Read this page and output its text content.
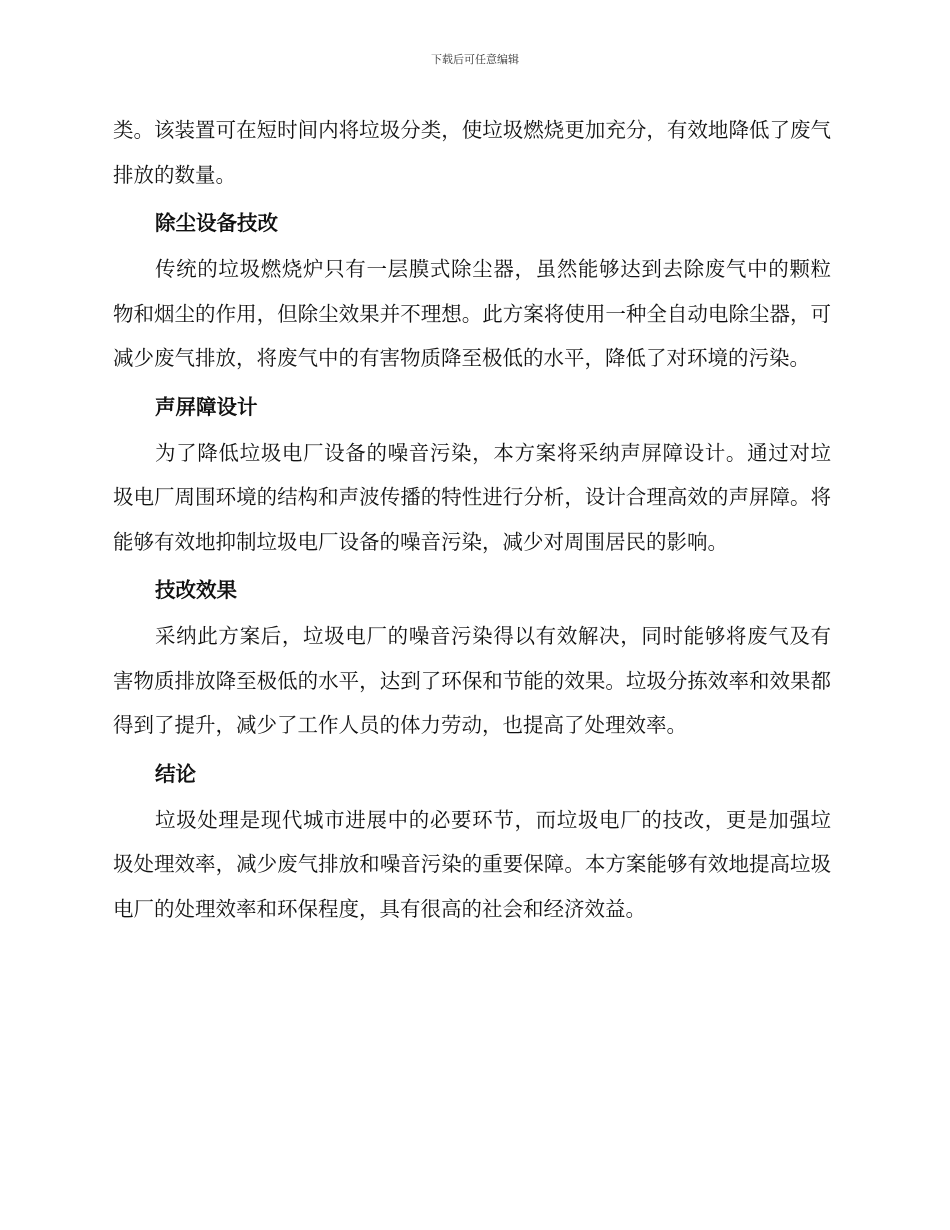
下载后可任意编辑

类。该装置可在短时间内将垃圾分类，使垃圾燃烧更加充分，有效地降低了废气排放的数量。

除尘设备技改

传统的垃圾燃烧炉只有一层膜式除尘器，虽然能够达到去除废气中的颗粒物和烟尘的作用，但除尘效果并不理想。此方案将使用一种全自动电除尘器，可减少废气排放，将废气中的有害物质降至极低的水平，降低了对环境的污染。

声屏障设计

为了降低垃圾电厂设备的噪音污染，本方案将采纳声屏障设计。通过对垃圾电厂周围环境的结构和声波传播的特性进行分析，设计合理高效的声屏障。将能够有效地抑制垃圾电厂设备的噪音污染，减少对周围居民的影响。

技改效果

采纳此方案后，垃圾电厂的噪音污染得以有效解决，同时能够将废气及有害物质排放降至极低的水平，达到了环保和节能的效果。垃圾分拣效率和效果都得到了提升，减少了工作人员的体力劳动，也提高了处理效率。

结论

垃圾处理是现代城市进展中的必要环节，而垃圾电厂的技改，更是加强垃圾处理效率，减少废气排放和噪音污染的重要保障。本方案能够有效地提高垃圾电厂的处理效率和环保程度，具有很高的社会和经济效益。
